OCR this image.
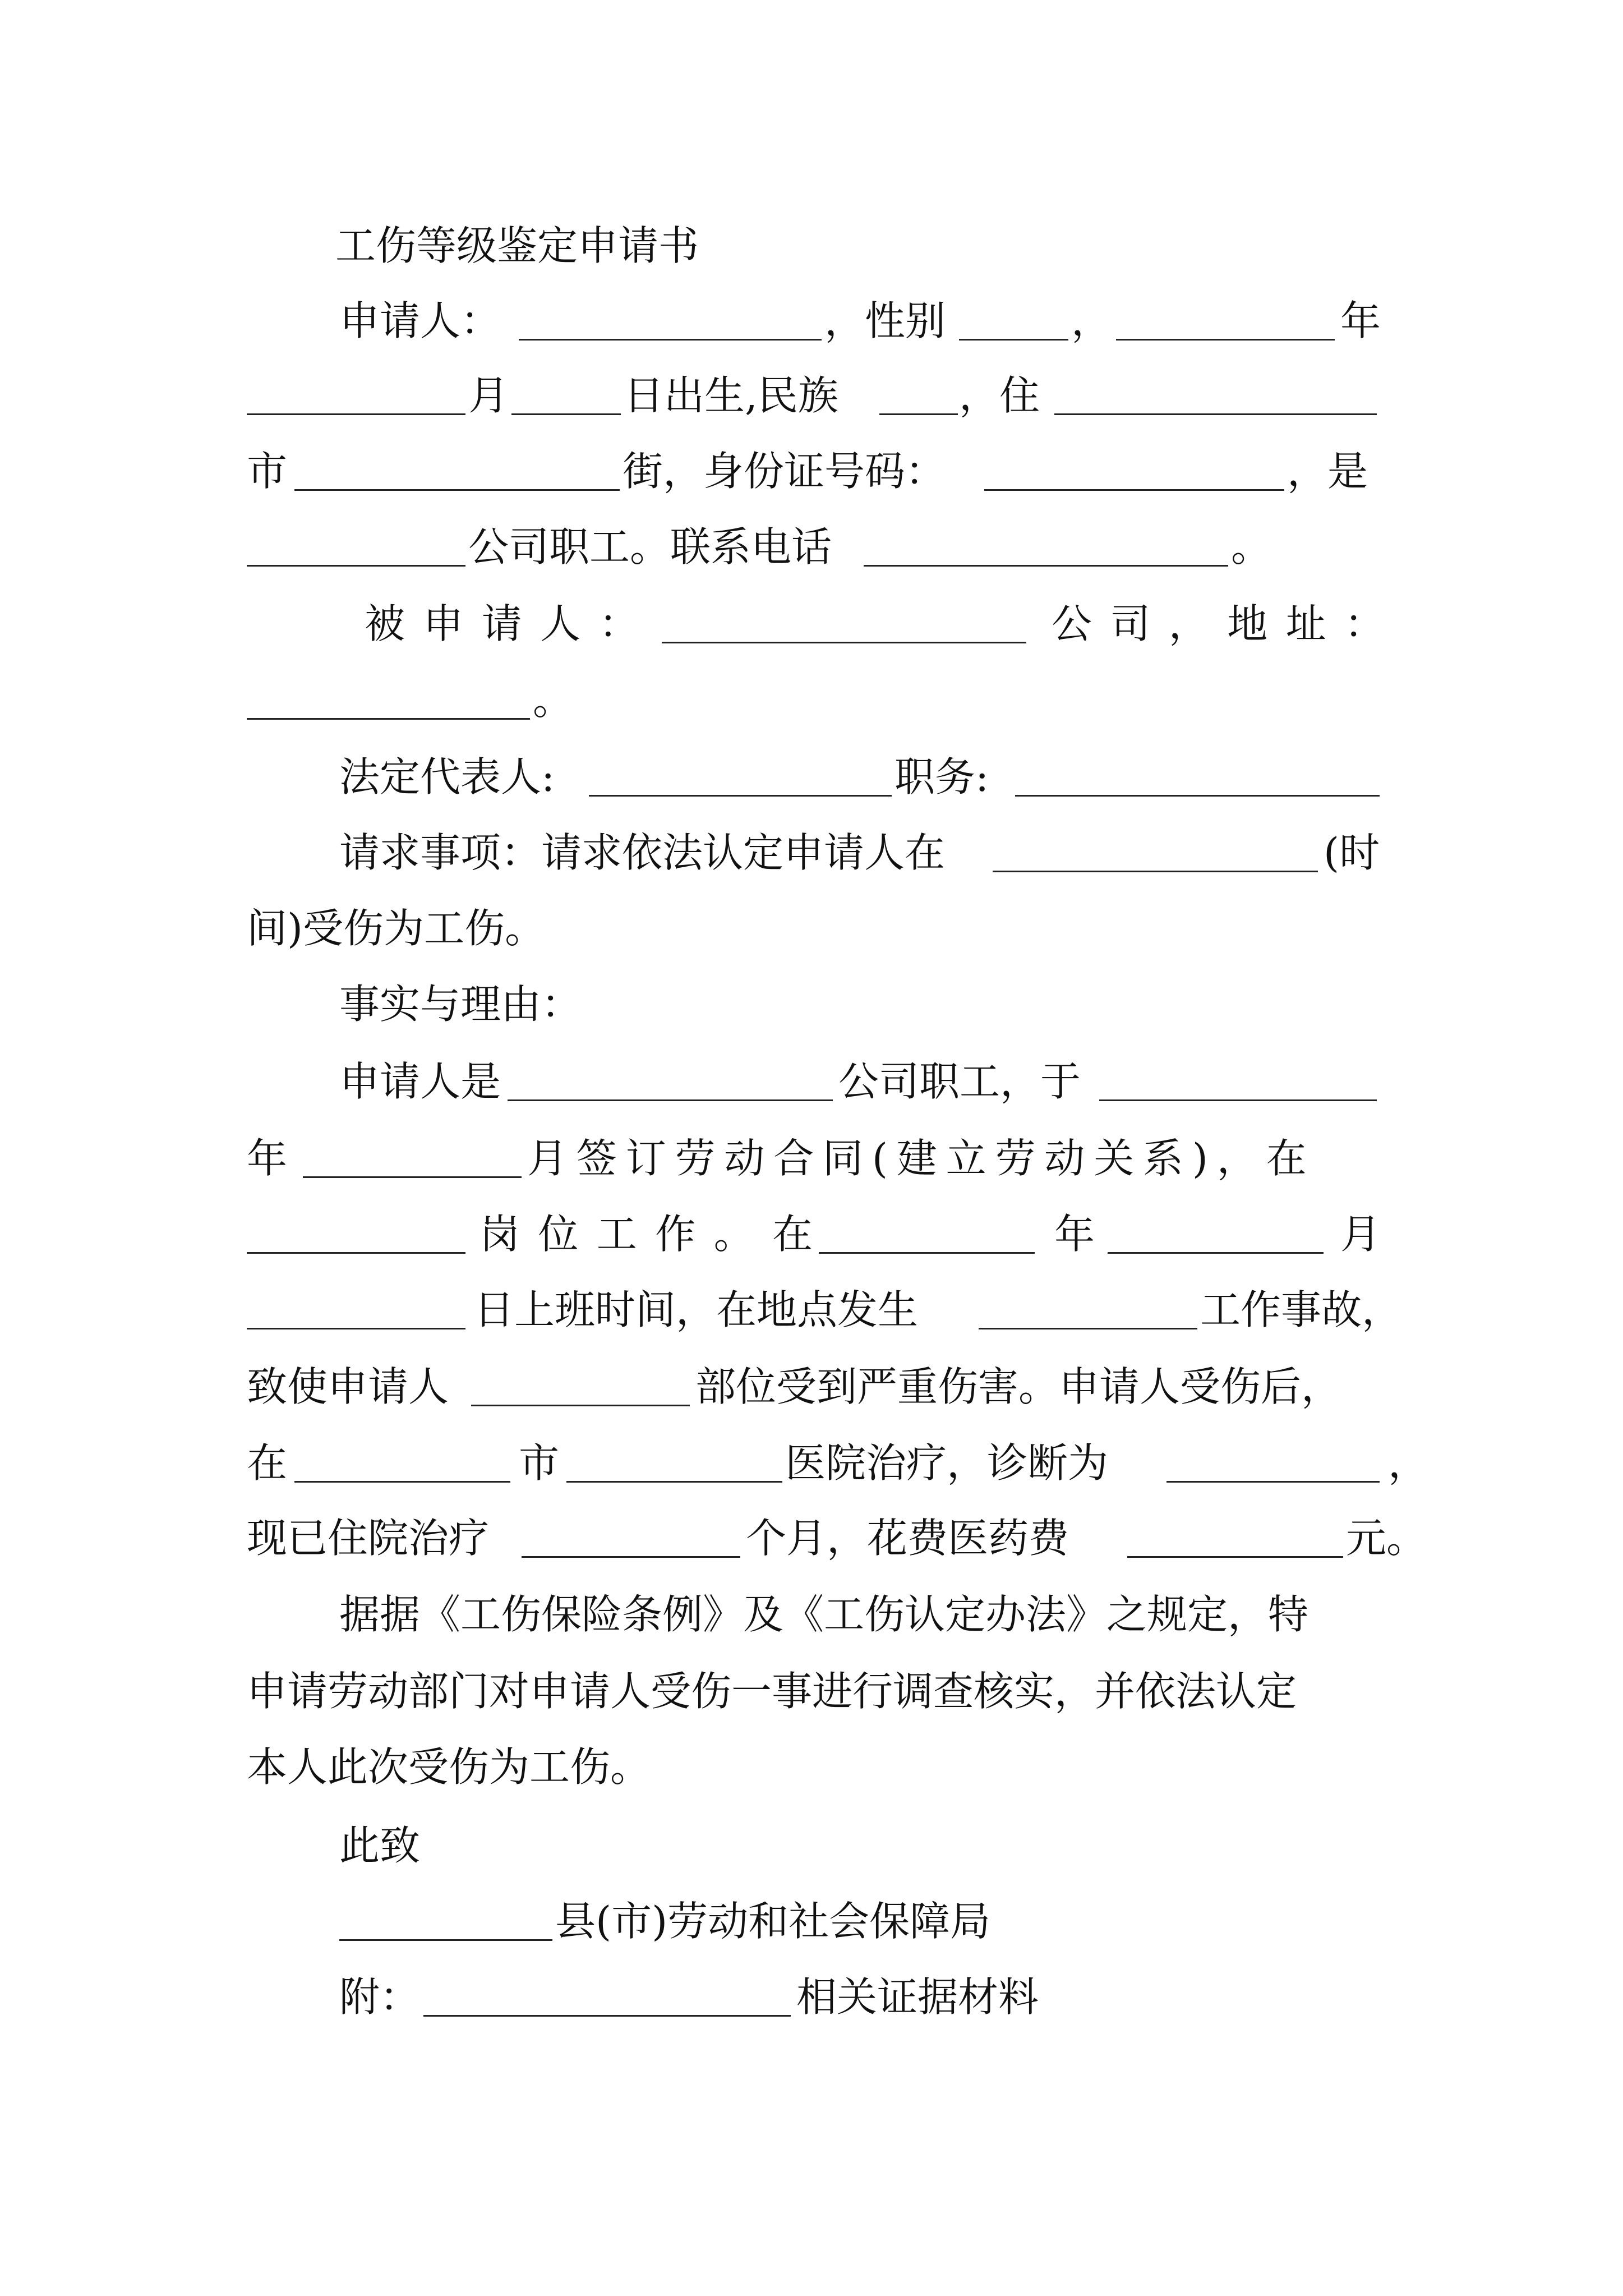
工伤等级鉴定申请书
申请人：	，性别	，	年
月	日出生,民族	，住
市	街，身份证号码：	，是
公司职工。联系电话	。
被申请人：	公司，地址：
。
法定代表人:	职务:
请求事项：请求依法认定申请人在	(时
间)受伤为工伤。
事实与理由：
申请人是	公司职工，于
年	月签订劳动合同(建立劳动关系)，在
岗位工作。在	年	月
日上班时间，在地点发生	工作事故，
致使申请人	部位受到严重伤害。申请人受伤后，
在	市	医院治疗，诊断为	，
现已住院治疗	个月，花费医药费	元。
据据《工伤保险条例》及《工伤认定办法》之规定，特
申请劳动部门对申请人受伤一事进行调查核实，并依法认定
本人此次受伤为工伤。
此致
县(市)劳动和社会保障局
附：	相关证据材料
